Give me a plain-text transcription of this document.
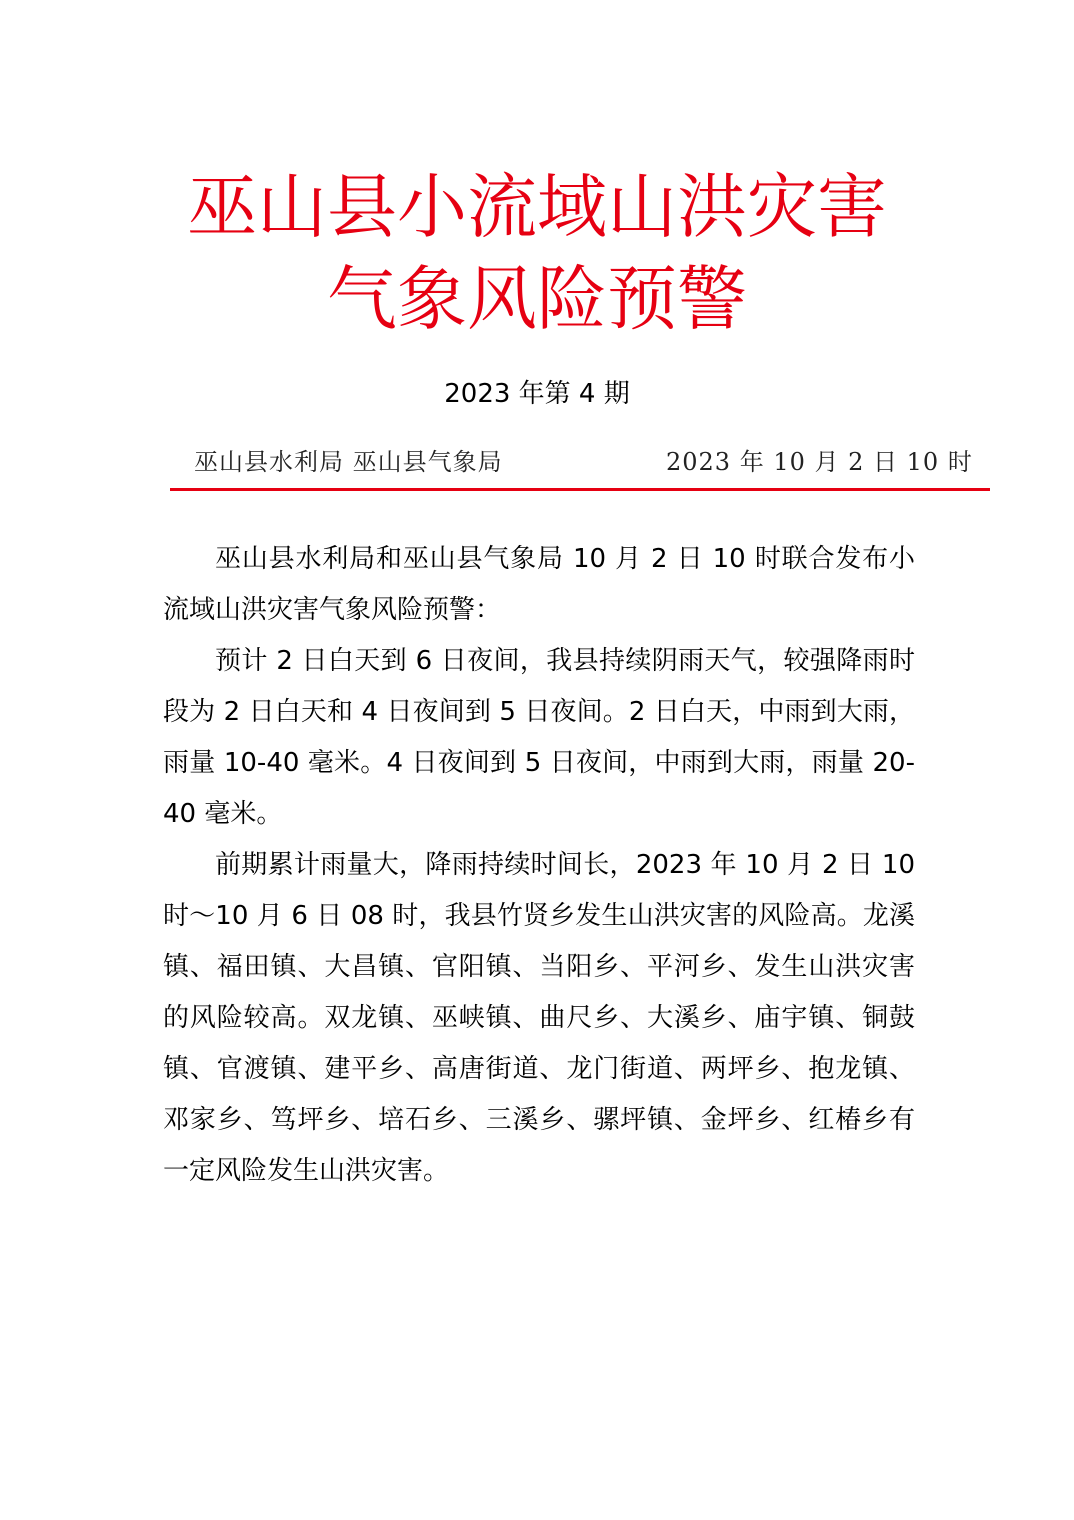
巫山县小流域山洪灾害
气象风险预警
2023 年第 4 期
巫山县水利局 巫山县气象局	2023 年 10 月 2 日 10 时

巫山县水利局和巫山县气象局 10 月 2 日 10 时联合发布小流域山洪灾害气象风险预警：

预计 2 日白天到 6 日夜间，我县持续阴雨天气，较强降雨时段为 2 日白天和 4 日夜间到 5 日夜间。2 日白天，中雨到大雨，雨量 10-40 毫米。4 日夜间到 5 日夜间，中雨到大雨，雨量 20-40 毫米。

前期累计雨量大，降雨持续时间长，2023 年 10 月 2 日 10 时～10 月 6 日 08 时，我县竹贤乡发生山洪灾害的风险高。龙溪镇、福田镇、大昌镇、官阳镇、当阳乡、平河乡、发生山洪灾害的风险较高。双龙镇、巫峡镇、曲尺乡、大溪乡、庙宇镇、铜鼓镇、官渡镇、建平乡、高唐街道、龙门街道、两坪乡、抱龙镇、邓家乡、笃坪乡、培石乡、三溪乡、骡坪镇、金坪乡、红椿乡有一定风险发生山洪灾害。
